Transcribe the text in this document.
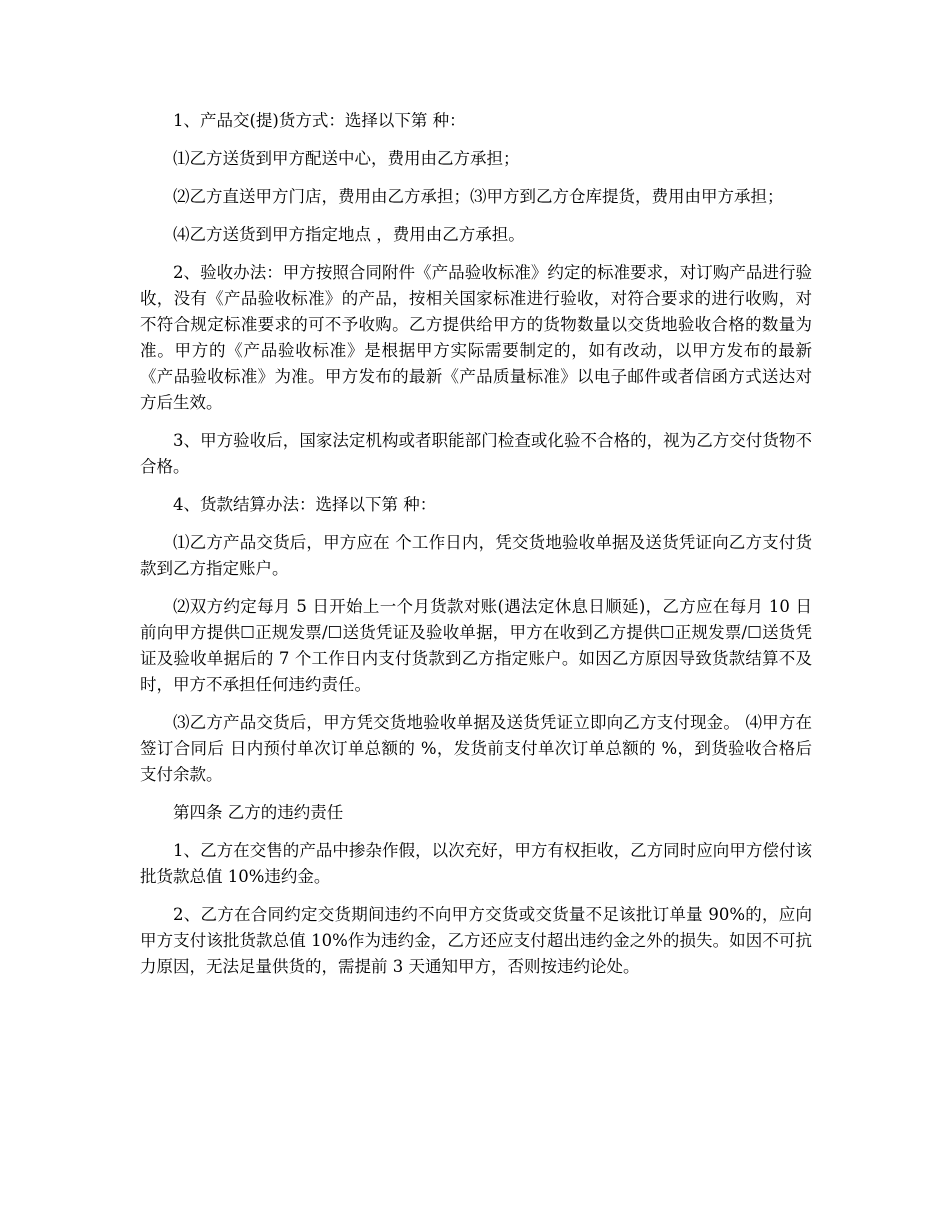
1、产品交(提)货方式：选择以下第 种：

⑴乙方送货到甲方配送中心，费用由乙方承担；

⑵乙方直送甲方门店，费用由乙方承担；⑶甲方到乙方仓库提货，费用由甲方承担；

⑷乙方送货到甲方指定地点 ，费用由乙方承担。

2、验收办法：甲方按照合同附件《产品验收标准》约定的标准要求，对订购产品进行验收，没有《产品验收标准》的产品，按相关国家标准进行验收，对符合要求的进行收购，对不符合规定标准要求的可不予收购。乙方提供给甲方的货物数量以交货地验收合格的数量为准。甲方的《产品验收标准》是根据甲方实际需要制定的，如有改动，以甲方发布的最新《产品验收标准》为准。甲方发布的最新《产品质量标准》以电子邮件或者信函方式送达对方后生效。

3、甲方验收后，国家法定机构或者职能部门检查或化验不合格的，视为乙方交付货物不合格。

4、货款结算办法：选择以下第 种：

⑴乙方产品交货后，甲方应在 个工作日内，凭交货地验收单据及送货凭证向乙方支付货款到乙方指定账户。

⑵双方约定每月 5 日开始上一个月货款对账(遇法定休息日顺延)，乙方应在每月 10 日前向甲方提供☐正规发票/☐送货凭证及验收单据，甲方在收到乙方提供☐正规发票/☐送货凭证及验收单据后的 7 个工作日内支付货款到乙方指定账户。如因乙方原因导致货款结算不及时，甲方不承担任何违约责任。

⑶乙方产品交货后，甲方凭交货地验收单据及送货凭证立即向乙方支付现金。 ⑷甲方在签订合同后 日内预付单次订单总额的 %，发货前支付单次订单总额的 %，到货验收合格后支付余款。

第四条 乙方的违约责任

1、乙方在交售的产品中掺杂作假，以次充好，甲方有权拒收，乙方同时应向甲方偿付该批货款总值 10%违约金。

2、乙方在合同约定交货期间违约不向甲方交货或交货量不足该批订单量 90%的，应向甲方支付该批货款总值 10%作为违约金，乙方还应支付超出违约金之外的损失。如因不可抗力原因，无法足量供货的，需提前 3 天通知甲方，否则按违约论处。
